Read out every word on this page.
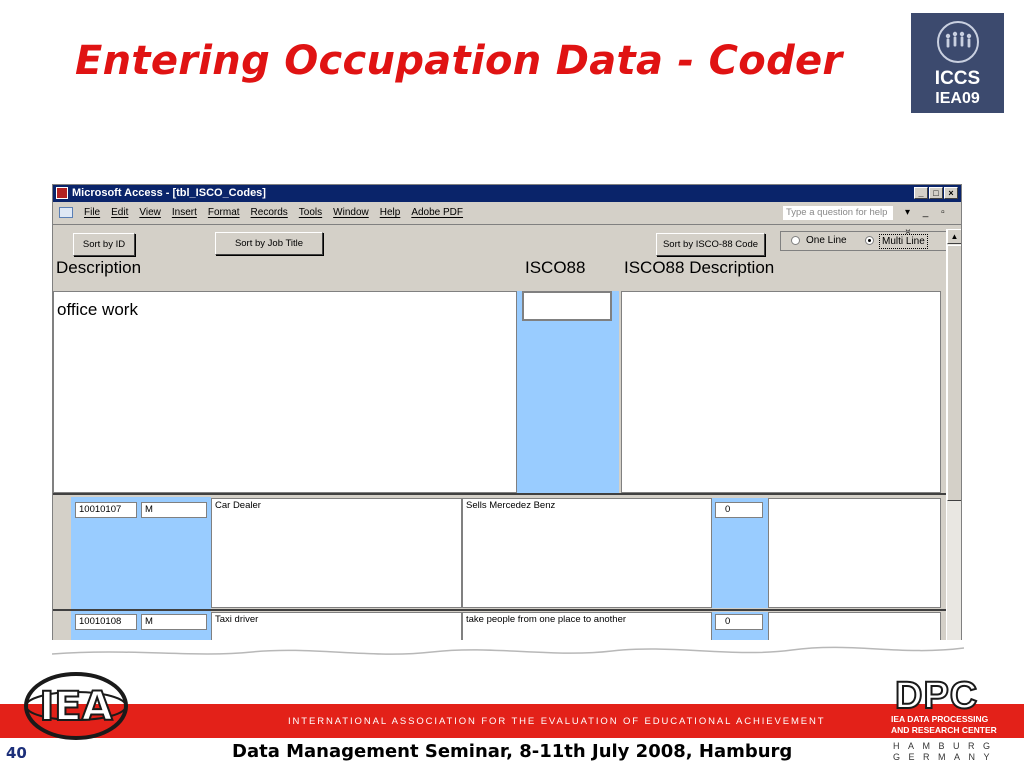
Entering Occupation Data - Coder	ICCS
IEA09
Microsoft Access - [tbl_ISCO_Codes]	_	□	×
File Edit View Insert Format Records Tools Window Help Adobe PDF	Type a question for help	▾ _ ▫ ×
Sort by ID	Sort by Job Title	Sort by ISCO-88 Code	One Line	Multi Line
Description	ISCO88 ISCO88 Description
office work
10010107	M	Car Dealer	Sells Mercedez Benz	0
10010108	M	Taxi driver	take people from one place to another	0
▲
IEA	INTERNATIONAL ASSOCIATION FOR THE EVALUATION OF EDUCATIONAL ACHIEVEMENT
40	Data Management Seminar, 8-11th July 2008, Hamburg
DPC
IEA DATA PROCESSING
AND RESEARCH CENTER
HAMBURG
GERMANY
